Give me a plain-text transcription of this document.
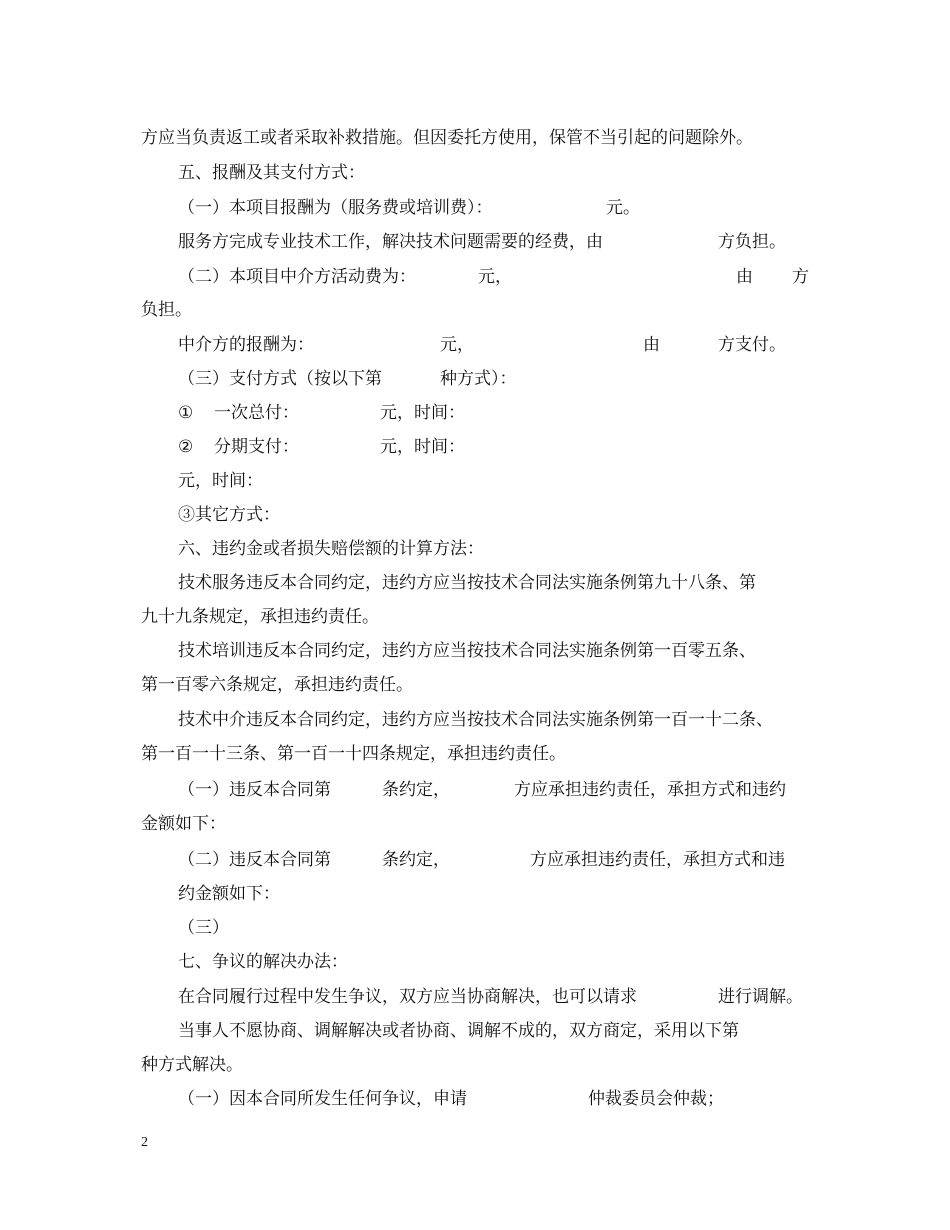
方应当负责返工或者采取补救措施。但因委托方使用，保管不当引起的问题除外。
五、报酬及其支付方式：
（一）本项目报酬为（服务费或培训费）：	元。
服务方完成专业技术工作，解决技术问题需要的经费，由	方负担。
（二）本项目中介方活动费为：	元，	由 方
负担。
中介方的报酬为：	元，	由	方支付。
（三）支付方式（按以下第	种方式）：
① 一次总付：	元，时间：
② 分期支付：	元，时间：
元，时间：
③其它方式：
六、违约金或者损失赔偿额的计算方法：
技术服务违反本合同约定，违约方应当按技术合同法实施条例第九十八条、第
九十九条规定，承担违约责任。
技术培训违反本合同约定，违约方应当按技术合同法实施条例第一百零五条、
第一百零六条规定，承担违约责任。
技术中介违反本合同约定，违约方应当按技术合同法实施条例第一百一十二条、
第一百一十三条、第一百一十四条规定，承担违约责任。
（一）违反本合同第	条约定，	方应承担违约责任，承担方式和违约
金额如下：
（二）违反本合同第	条约定，	方应承担违约责任，承担方式和违
约金额如下：
（三）
七、争议的解决办法：
在合同履行过程中发生争议，双方应当协商解决，也可以请求	进行调解。
当事人不愿协商、调解解决或者协商、调解不成的，双方商定，采用以下第
种方式解决。
（一）因本合同所发生任何争议，申请	仲裁委员会仲裁；
2
